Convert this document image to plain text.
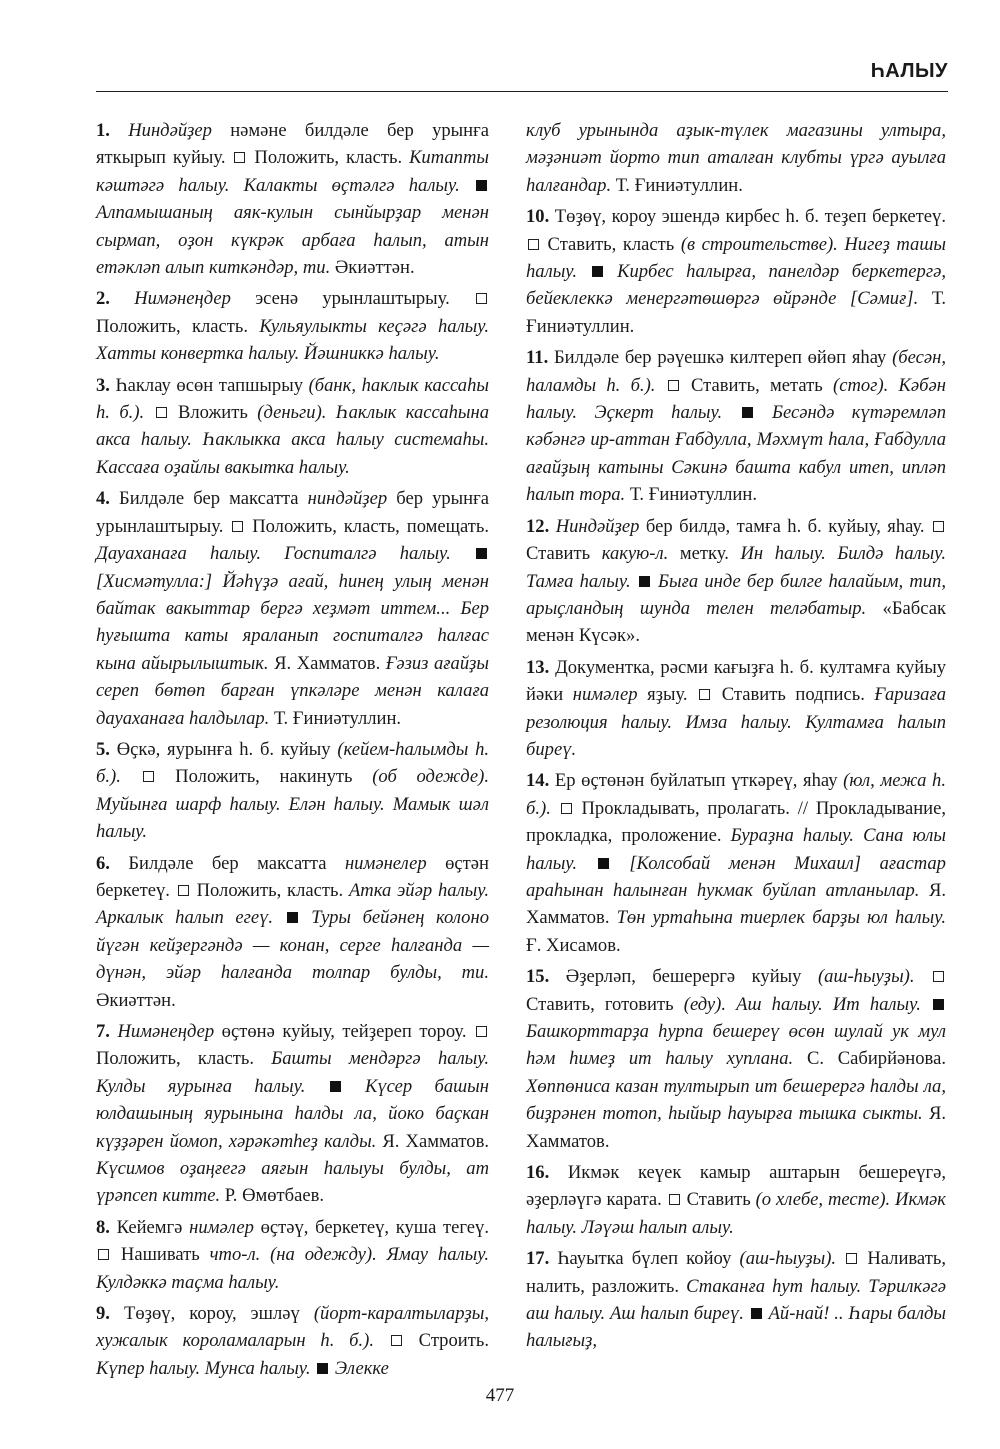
ҺАЛЫУ

1. Ниндәйҙер нәмәне билдәле бер урынға яткырып куйыу.  Положить, класть. Китапты кәштәгә һалыу. Калакты өҫтәлгә һалыу.  Алпамышаның аяк-кулын сынйырҙар менән сырмап, оҙон күкрәк арбаға һалып, атын етәкләп алып киткәндәр, ти. Әкиәттән.

2. Нимәнеңдер эсенә урынлаштырыу.  Положить, класть. Кульяулыкты кеҫәгә һалыу. Хатты конвертка һалыу. Йәшниккә һалыу.

3. Һаклау өсөн тапшырыу (банк, һаклык кассаһы һ. б.).  Вложить (деньги). Һаклык кассаһына акса һалыу. Һаклыкка акса һалыу системаһы. Кассаға оҙайлы вакытка һалыу.

4. Билдәле бер максатта ниндәйҙер бер урынға урынлаштырыу.  Положить, класть, помещать. Дауаханаға һалыу. Госпиталгә һалыу.  [Хисмәтулла:] Йәһүҙә ағай, һинең улың менән байтак вакыттар бергә хеҙмәт иттем... Бер һуғыштa каты яраланып госпиталгә һалғас кына айырылыштык. Я. Хамматов. Ғәзиз ағайҙы сереп бөтөп барған үпкәләре менән калаға дауаханаға һалдылар. Т. Ғиниәтуллин.

5. Өҫкә, яурынға һ. б. куйыу (кейем-һалымды һ. б.).  Положить, накинуть (об одежде). Муйынға шарф һалыу. Елән һалыу. Мамык шәл һалыу.

6. Билдәле бер максатта нимәнелер өҫтән беркетеү.  Положить, класть. Атка эйәр һалыу. Аркалык һалып егеү.  Туры бейәнең колоно йүгән кейҙергәндә — конан, серге һалғанда — дүнән, эйәр һалғанда толпар булды, ти. Әкиәттән.

7. Нимәнеңдер өҫтөнә куйыу, тейҙереп тороу.  Положить, класть. Башты мендәргә һалыу. Кулды яурынға һалыу.  Күсер башын юлдашының яурынына һалды ла, йоко баҫкан күҙҙәрен йомоп, хәрәкәтһеҙ калды. Я. Хамматов. Күсимов оҙаңғегә аяғын һалыуы булды, ат үрәпсеп китте. Р. Өмөтбаев.

8. Кейемгә нимәлер өҫтәү, беркетеү, куша тегеү.  Нашивать что-л. (на одежду). Ямау һалыу. Кулдәккә таҫма һалыу.

9. Төҙөү, короу, эшләү (йорт-каралтыларҙы, хужалык короламаларын һ. б.).  Строить. Күпер һалыу. Мунса һалыу.  Элекке

клуб урынында аҙык-түлек магазины ултыра, мәҙәниәт йорто тип аталған клубты үргә ауылға һалғандар. Т. Ғиниәтуллин.

10. Төҙөү, короу эшендә кирбес һ. б. теҙеп беркетеү.  Ставить, класть (в строительстве). Нигеҙ ташы һалыу.  Кирбес һалырға, панелдәр беркетергә, бейеклеккә менергәтөшөргә өйрәнде [Сәмиғ]. Т. Ғиниәтуллин.

11. Билдәле бер рәүешкә килтереп өйөп яһау (бесән, һаламды һ. б.).  Ставить, метать (стог). Кәбән һалыу. Эҫкерт һалыу.  Бесәндә күтәремләп кәбәнгә ир-аттан Ғабдулла, Мәхмүт һала, Ғабдулла ағайҙың катыны Сәкинә башта кабул итеп, ипләп һалып тора. Т. Ғиниәтуллин.

12. Ниндәйҙер бер билдә, тамға һ. б. куйыу, яһау.  Ставить какую-л. метку. Ин һалыу. Билдә һалыу. Тамға һалыу.  Быға инде бер билге һалайым, тип, арыҫландың шунда телен теләбатыр. «Бабсак менән Күсәк».

13. Документка, рәсми кағыҙға һ. б. култамға куйыу йәки нимәлер яҙыу.  Ставить подпись. Ғаризаға резолюция һалыу. Имза һалыу. Култамға һалып биреү.

14. Ер өҫтөнән буйлатып үткәреү, яһау (юл, межа һ. б.).  Прокладывать, пролагать. // Прокладывание, прокладка, проложение. Бураҙна һалыу. Сана юлы һалыу.  [Колсобай менән Михаил] ағастар араһынан һалынған һукмак буйлап атланылар. Я. Хамматов. Төн уртаһына тиерлек барҙы юл һалыу. Ғ. Хисамов.

15. Әҙерләп, бешерергә куйыу (аш-һыуҙы).  Ставить, готовить (еду). Аш һалыу. Ит һалыу.  Башкорттарҙа һурпа бешереү өсөн шулай ук мул һәм һимеҙ ит һалыу хуплана. С. Сабирйәнова. Хөппөниса казан тултырып ит бешерергә һалды ла, биҙрәнен тотоп, һыйыр һауырға тышка сыкты. Я. Хамматов.

16. Икмәк кеүек камыр аштарын бешереүгә, әҙерләүгә карата.  Ставить (о хлебе, тесте). Икмәк һалыу. Ләүәш һалып алыу.

17. Һауытка бүлеп койоу (аш-һыуҙы).  Наливать, налить, разложить. Стаканға һут һалыу. Тәрилкәгә аш һалыу. Аш һалып биреү.  Ай-най! .. Һары балды һалығыҙ,

477
